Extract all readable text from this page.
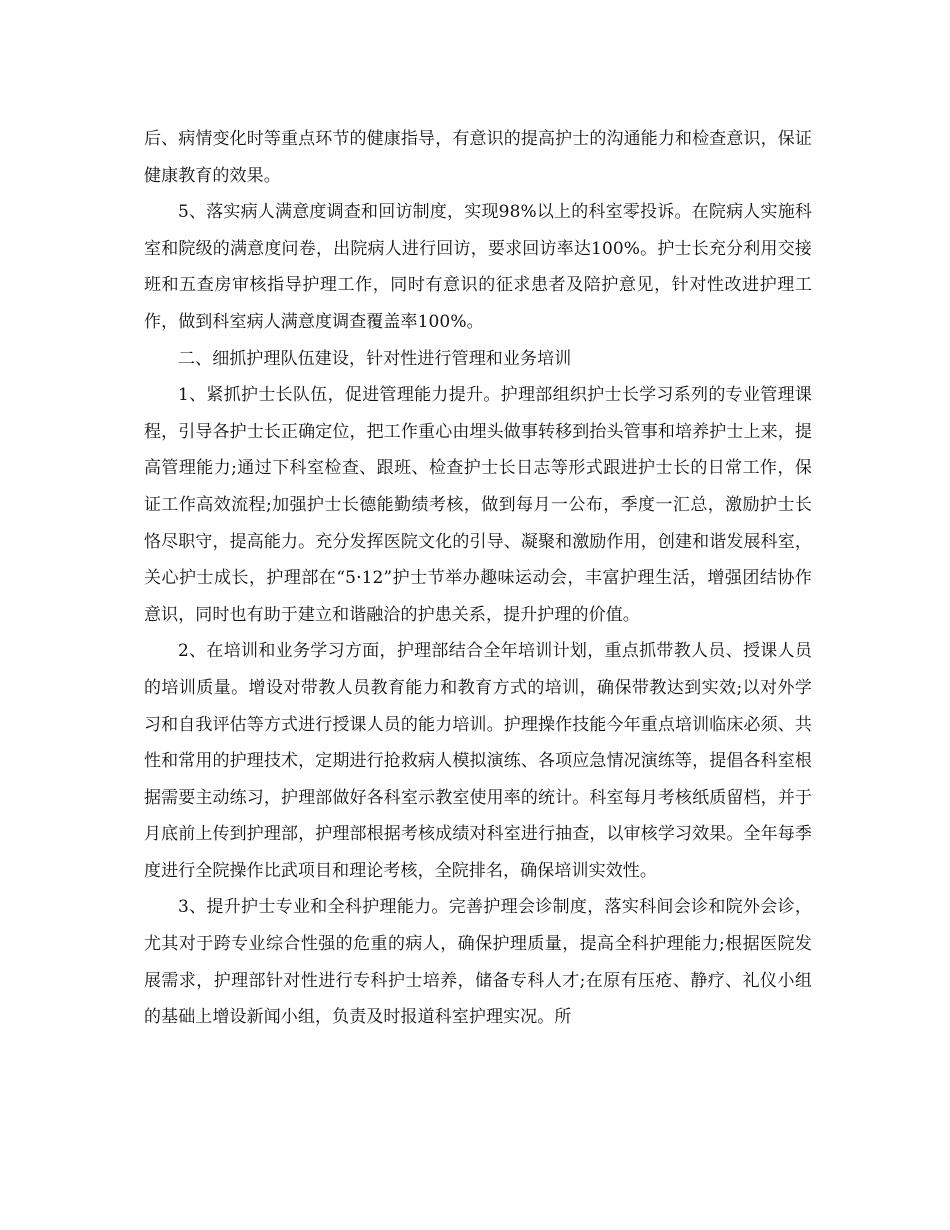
后、病情变化时等重点环节的健康指导，有意识的提高护士的沟通能力和检查意识，保证健康教育的效果。

5、落实病人满意度调查和回访制度，实现98%以上的科室零投诉。在院病人实施科室和院级的满意度问卷，出院病人进行回访，要求回访率达100%。护士长充分利用交接班和五查房审核指导护理工作，同时有意识的征求患者及陪护意见，针对性改进护理工作，做到科室病人满意度调查覆盖率100%。

二、细抓护理队伍建设，针对性进行管理和业务培训

1、紧抓护士长队伍，促进管理能力提升。护理部组织护士长学习系列的专业管理课程，引导各护士长正确定位，把工作重心由埋头做事转移到抬头管事和培养护士上来，提高管理能力;通过下科室检查、跟班、检查护士长日志等形式跟进护士长的日常工作，保证工作高效流程;加强护士长德能勤绩考核，做到每月一公布，季度一汇总，激励护士长恪尽职守，提高能力。充分发挥医院文化的引导、凝聚和激励作用，创建和谐发展科室，关心护士成长，护理部在“5·12”护士节举办趣味运动会，丰富护理生活，增强团结协作意识，同时也有助于建立和谐融洽的护患关系，提升护理的价值。

2、在培训和业务学习方面，护理部结合全年培训计划，重点抓带教人员、授课人员的培训质量。增设对带教人员教育能力和教育方式的培训，确保带教达到实效;以对外学习和自我评估等方式进行授课人员的能力培训。护理操作技能今年重点培训临床必须、共性和常用的护理技术，定期进行抢救病人模拟演练、各项应急情况演练等，提倡各科室根据需要主动练习，护理部做好各科室示教室使用率的统计。科室每月考核纸质留档，并于月底前上传到护理部，护理部根据考核成绩对科室进行抽查，以审核学习效果。全年每季度进行全院操作比武项目和理论考核，全院排名，确保培训实效性。

3、提升护士专业和全科护理能力。完善护理会诊制度，落实科间会诊和院外会诊，尤其对于跨专业综合性强的危重的病人，确保护理质量，提高全科护理能力;根据医院发展需求，护理部针对性进行专科护士培养，储备专科人才;在原有压疮、静疗、礼仪小组的基础上增设新闻小组，负责及时报道科室护理实况。所
